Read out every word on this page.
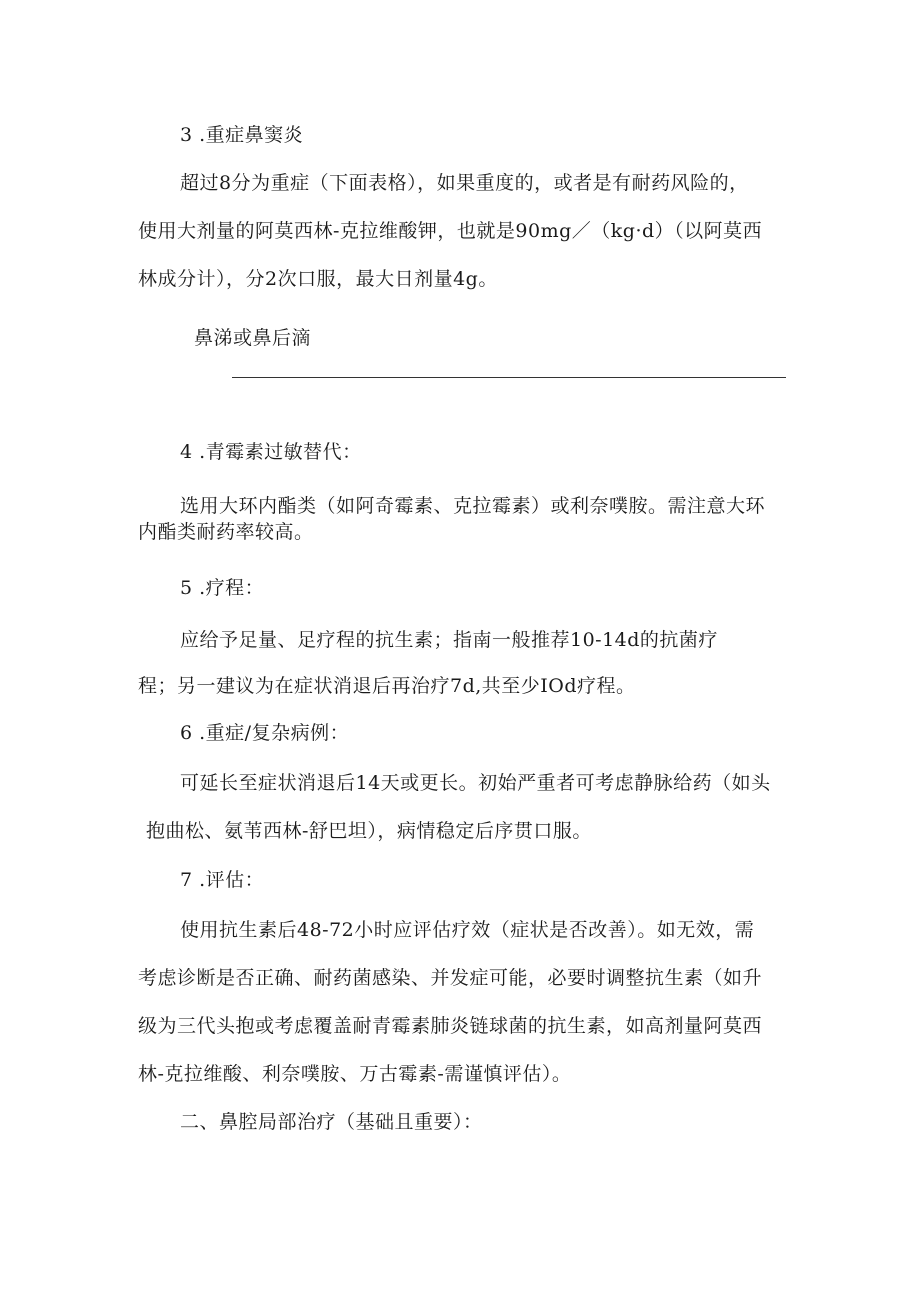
3 .重症鼻窦炎

超过8分为重症（下面表格），如果重度的，或者是有耐药风险的，

使用大剂量的阿莫西林-克拉维酸钾，也就是90mg／（kg·d）（以阿莫西

林成分计），分2次口服，最大日剂量4g。

鼻涕或鼻后滴

4 .青霉素过敏替代：

选用大环内酯类（如阿奇霉素、克拉霉素）或利奈噗胺。需注意大环

内酯类耐药率较高。

5 .疗程：

应给予足量、足疗程的抗生素；指南一般推荐10-14d的抗菌疗

程；另一建议为在症状消退后再治疗7d,共至少IOd疗程。

6 .重症/复杂病例：

可延长至症状消退后14天或更长。初始严重者可考虑静脉给药（如头

抱曲松、氨苇西林-舒巴坦），病情稳定后序贯口服。

7 .评估：

使用抗生素后48-72小时应评估疗效（症状是否改善）。如无效，需

考虑诊断是否正确、耐药菌感染、并发症可能，必要时调整抗生素（如升

级为三代头抱或考虑覆盖耐青霉素肺炎链球菌的抗生素，如高剂量阿莫西

林-克拉维酸、利奈噗胺、万古霉素-需谨慎评估）。

二、鼻腔局部治疗（基础且重要）：
